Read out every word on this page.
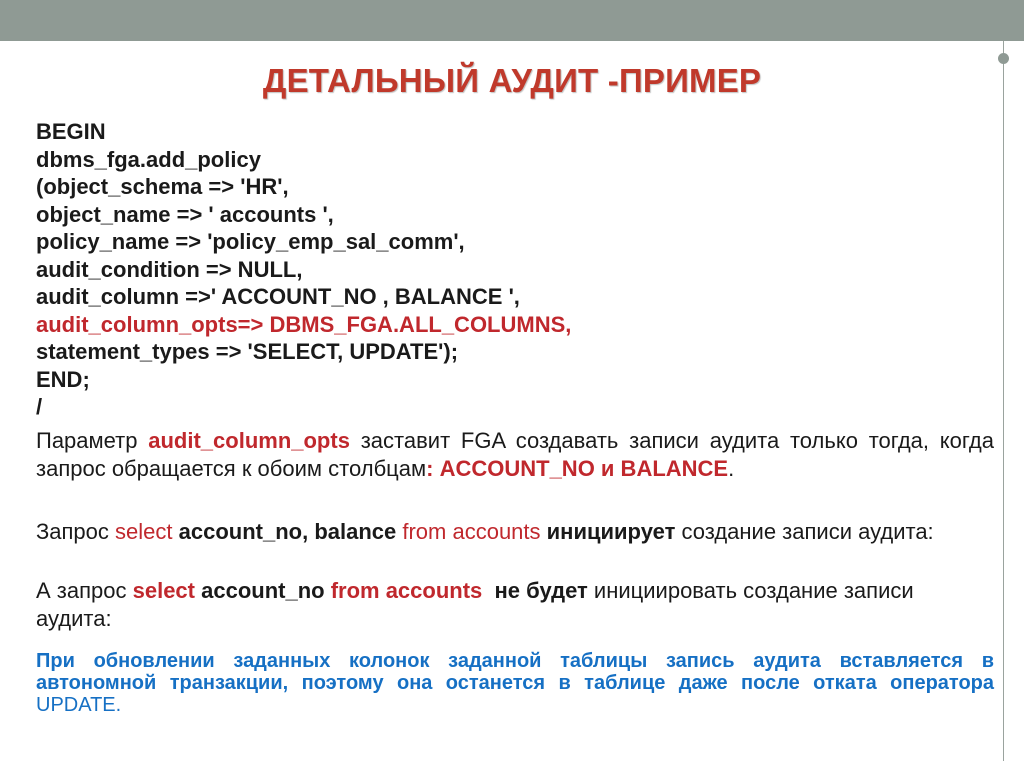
ДЕТАЛЬНЫЙ АУДИТ -ПРИМЕР
BEGIN
dbms_fga.add_policy
(object_schema => 'HR',
object_name => ' accounts ',
policy_name => 'policy_emp_sal_comm',
audit_condition => NULL,
audit_column =>' ACCOUNT_NO , BALANCE ',
audit_column_opts=> DBMS_FGA.ALL_COLUMNS,
statement_types => 'SELECT, UPDATE');
END;
/
Параметр audit_column_opts заставит FGA создавать записи аудита только тогда, когда запрос обращается к обоим столбцам: ACCOUNT_NO и BALANCE.
Запрос select account_no, balance from accounts инициирует создание записи аудита:
А запрос select account_no from accounts  не будет инициировать создание записи аудита:
При обновлении заданных колонок заданной таблицы запись аудита вставляется в автономной транзакции, поэтому она останется в таблице даже после отката оператора UPDATE.
